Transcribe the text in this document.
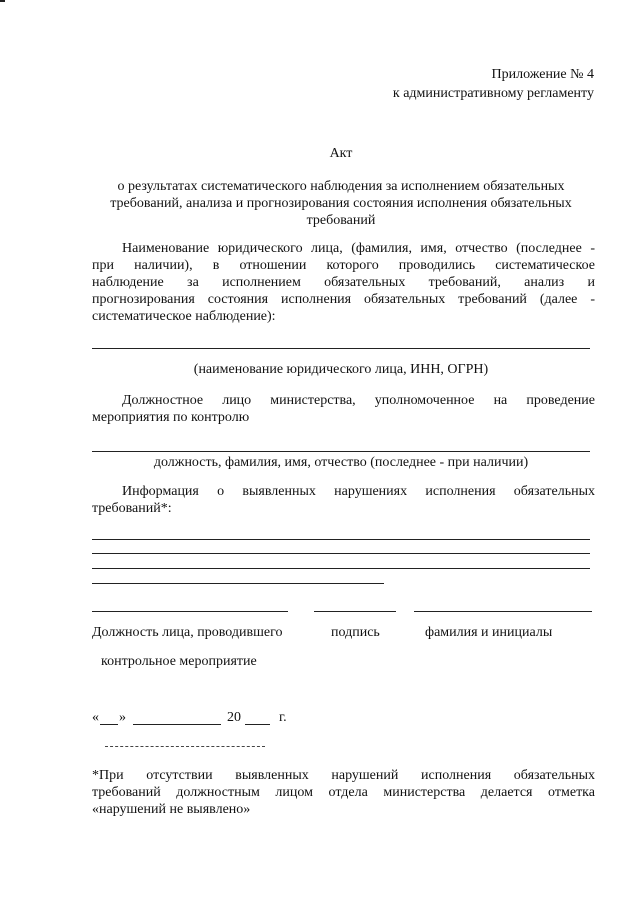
Приложение № 4
к административному регламенту
Акт
о результатах систематического наблюдения за исполнением обязательных
требований, анализа и прогнозирования состояния исполнения обязательных
требований
Наименование юридического лица, (фамилия, имя, отчество (последнее -
при наличии), в отношении которого проводились систематическое
наблюдение за исполнением обязательных требований, анализ и
прогнозирования состояния исполнения обязательных требований (далее -
систематическое наблюдение):
(наименование юридического лица, ИНН, ОГРН)
Должностное лицо министерства, уполномоченное на проведение
мероприятия по контролю
должность, фамилия, имя, отчество (последнее - при наличии)
Информация о выявленных нарушениях исполнения обязательных
требований*:
Должность лица, проводившего	подпись	фамилия и инициалы
контрольное мероприятие
« »	20	г.
*При отсутствии выявленных нарушений исполнения обязательных
требований должностным лицом отдела министерства делается отметка
«нарушений не выявлено»
